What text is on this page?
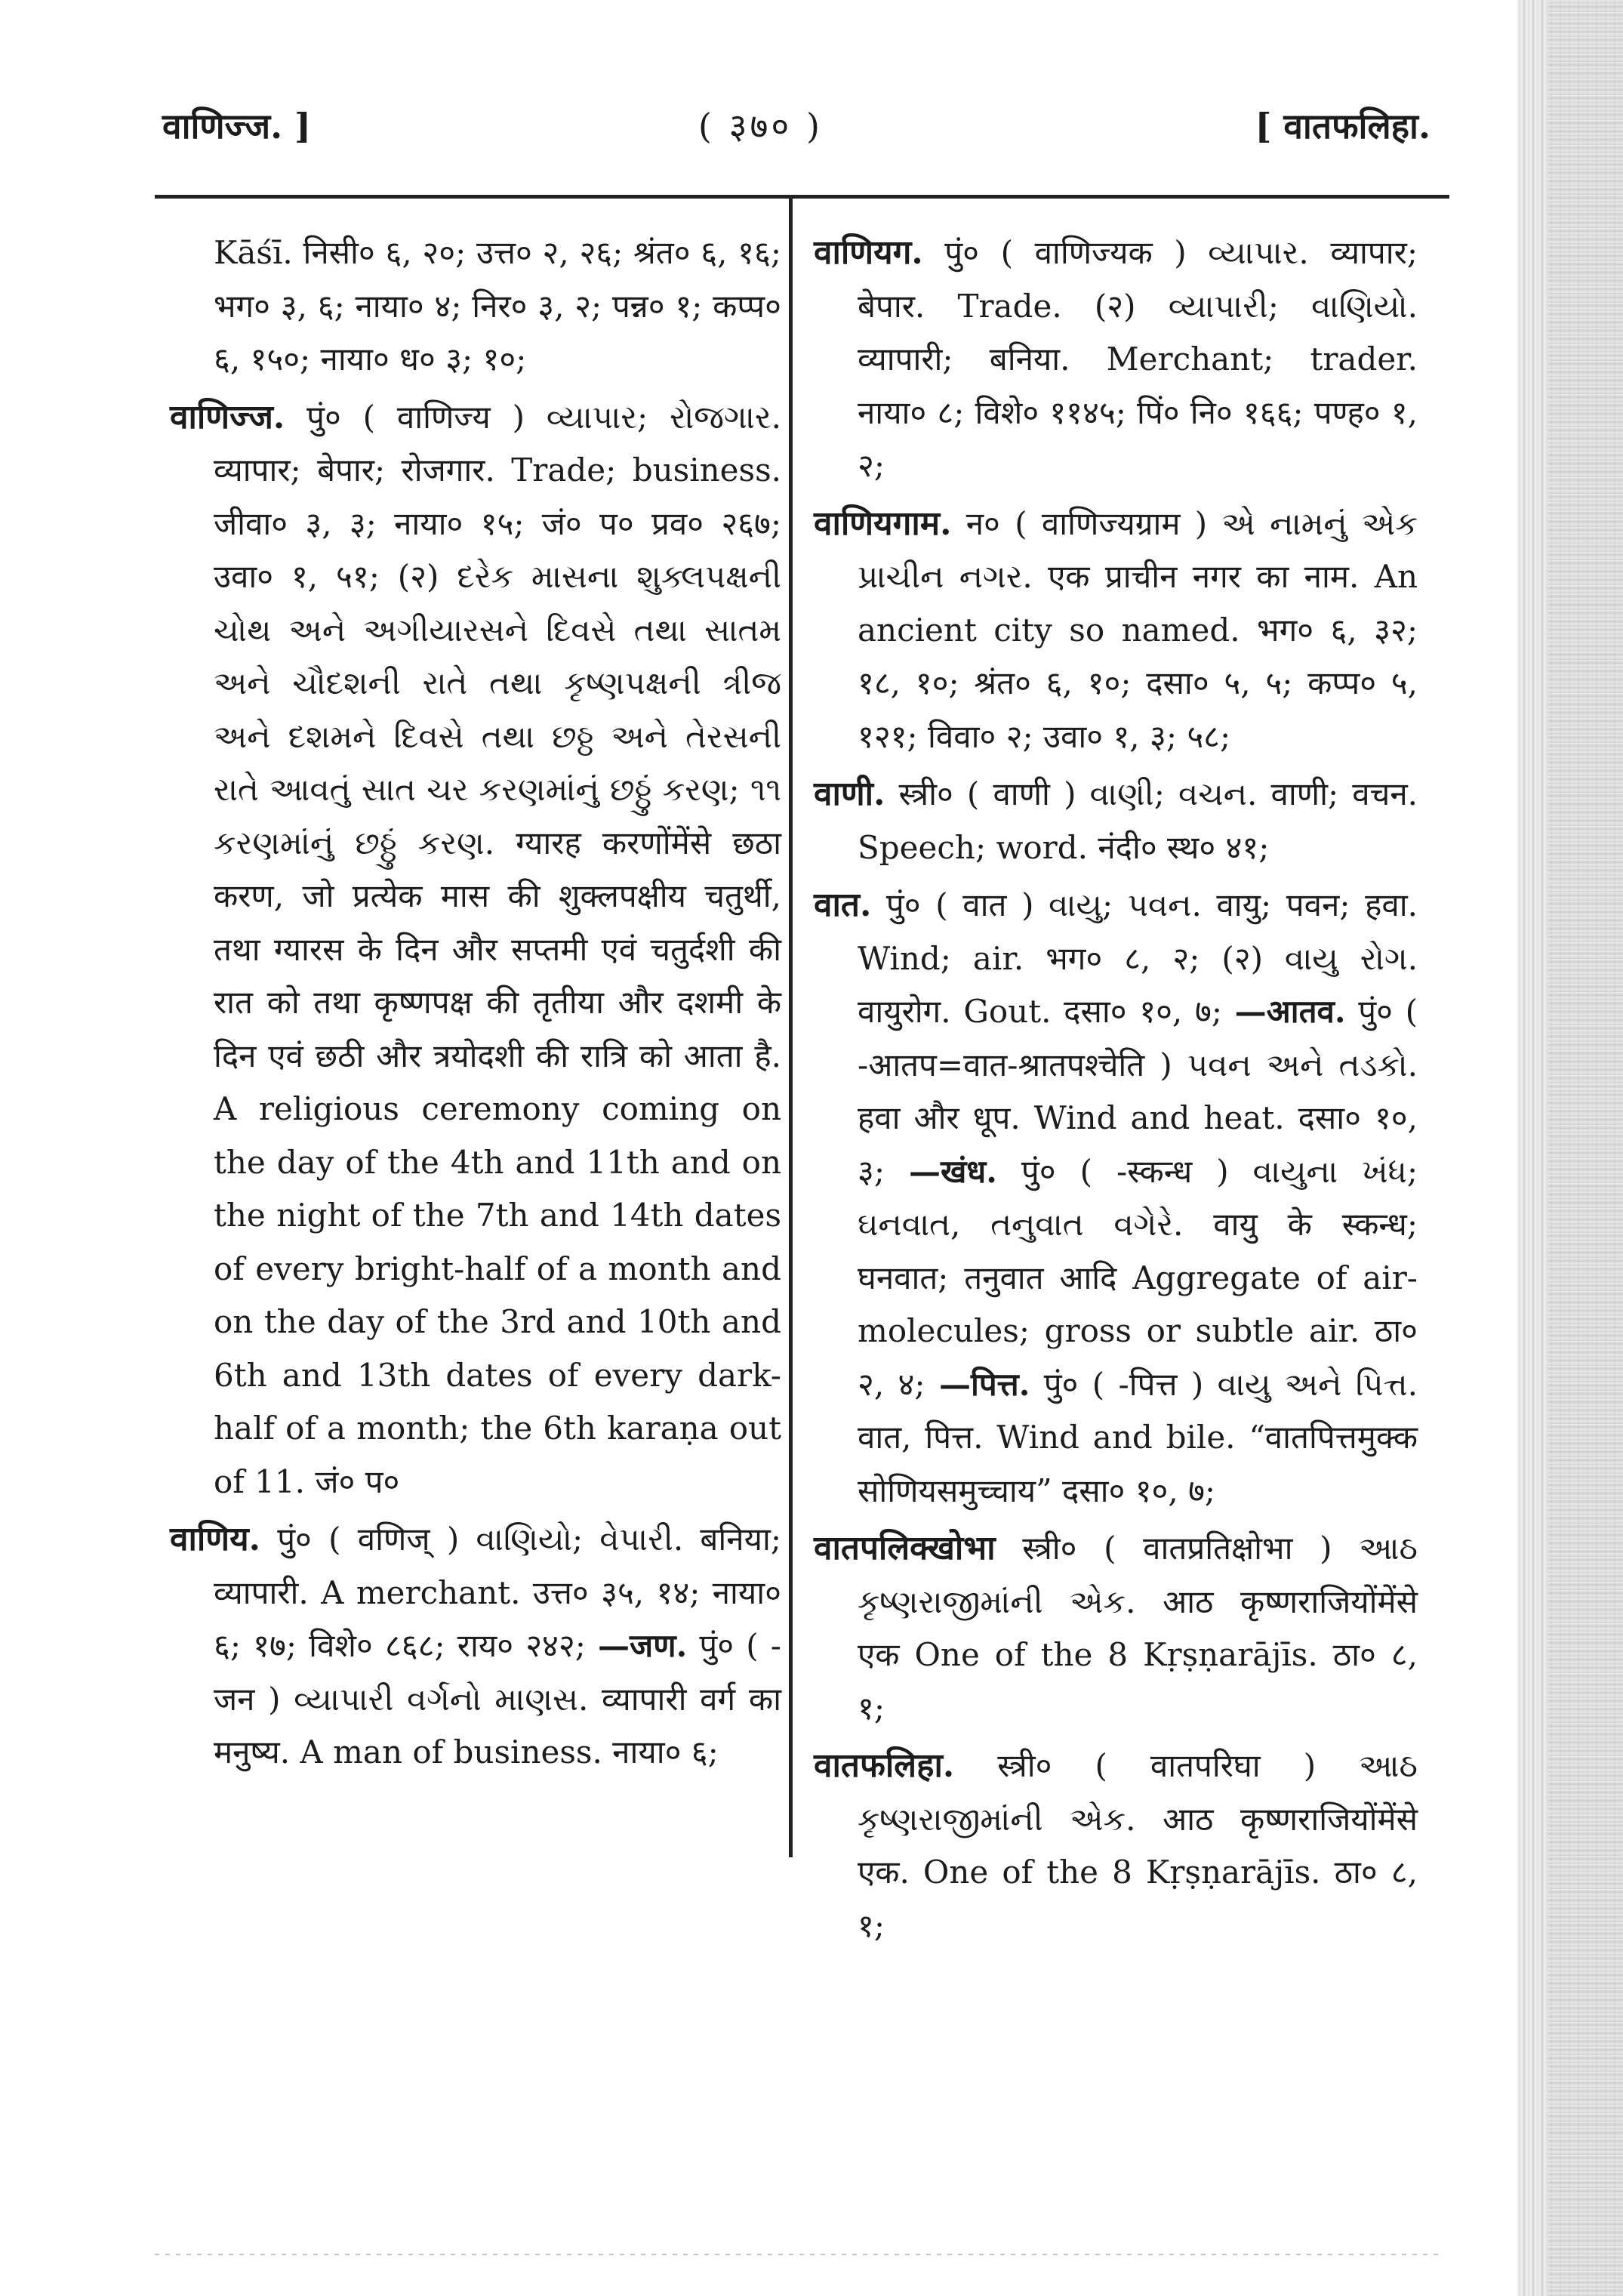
वाणिज्ज. ]	( ३७० )	[ वातफलिहा.

Kāśī. निसी० ६, २०; उत्त० २, २६; श्रंत० ६, १६; भग० ३, ६; नाया० ४; निर० ३, २; पन्न० १; कप्प० ६, १५०; नाया० ध० ३; १०;

वाणिज्ज. पुं० ( वाणिज्य ) વ્યાપાર; રોજગાર. व्यापार; बेपार; रोजगार. Trade; business. जीवा० ३, ३; नाया० १५; जं० प० प्रव० २६७; उवा० १, ५१; (२) દરેક માસના શુક્લપક્ષની ચોથ અને અગીયારસને દિવસે તથા સાતમ અને ચૌદશની રાતે તથા કૃષ્ણપક્ષની ત્રીજ અને દશમને દિવસે તથા છઠ્ઠ અને તેરસની રાતે આવતું સાત ચર કરણમાંનું છઠ્ઠું કરણ; ૧૧ કરણમાંનું છઠ્ઠું કરણ. ग्यारह करणोंमेंसे छठा करण, जो प्रत्येक मास की शुक्लपक्षीय चतुर्थी, तथा ग्यारस के दिन और सप्तमी एवं चतुर्दशी की रात को तथा कृष्णपक्ष की तृतीया और दशमी के दिन एवं छठी और त्रयोदशी की रात्रि को आता है. A religious ceremony coming on the day of the 4th and 11th and on the night of the 7th and 14th dates of every bright-half of a month and on the day of the 3rd and 10th and 6th and 13th dates of every dark-half of a month; the 6th karaṇa out of 11. जं० प०

वाणिय. पुं० ( वणिज् ) વાણિયો; વેપારી. बनिया; व्यापारी. A merchant. उत्त० ३५, १४; नाया० ६; १७; विशे० ८६८; राय० २४२; —जण. पुं० ( -जन ) વ્યાપારી વર્ગનો માણસ. व्यापारी वर्ग का मनुष्य. A man of business. नाया० ६;

वाणियग. पुं० ( वाणिज्यक ) વ્યાપાર. व्यापार; बेपार. Trade. (२) વ્યાપારી; વાણિયો. व्यापारी; बनिया. Merchant; trader. नाया० ८; विशे० ११४५; पिं० नि० १६६; पण्ह० १, २;

वाणियगाम. न० ( वाणिज्यग्राम ) એ નામનું એક પ્રાચીન નગર. एक प्राचीन नगर का नाम. An ancient city so named. भग० ६, ३२; १८, १०; श्रंत० ६, १०; दसा० ५, ५; कप्प० ५, १२१; विवा० २; उवा० १, ३; ५८;

वाणी. स्त्री० ( वाणी ) વાણી; વચન. वाणी; वचन. Speech; word. नंदी० स्थ० ४१;

वात. पुं० ( वात ) વાયુ; પવન. वायु; पवन; हवा. Wind; air. भग० ८, २; (२) વાયુ રોગ. वायुरोग. Gout. दसा० १०, ७; —आतव. पुं० ( -आतप=वात-श्रातपश्चेति ) પવન અને તડકો. हवा और धूप. Wind and heat. दसा० १०, ३; —खंध. पुं० ( -स्कन्ध ) વાયુના ખંધ; ઘનવાત, તનુવાત વગેરે. वायु के स्कन्ध; घनवात; तनुवात आदि Aggregate of air-molecules; gross or subtle air. ठा० २, ४; —पित्त. पुं० ( -पित्त ) વાયુ અને પિત્ત. वात, पित्त. Wind and bile. “वातपित्तमुक्क सोणियसमुच्चाय” दसा० १०, ७;

वातपलिक्खोभा स्त्री० ( वातप्रतिक्षोभा ) આઠ કૃષ્ણરાજીમાંની એક. आठ कृष्णराजियोंमेंसे एक One of the 8 Kṛṣṇarājīs. ठा० ८, १;

वातफलिहा. स्त्री० ( वातपरिघा ) આઠ કૃષ્ણરાજીમાંની એક. आठ कृष्णराजियोंमेंसे एक. One of the 8 Kṛṣṇarājīs. ठा० ८, १;
